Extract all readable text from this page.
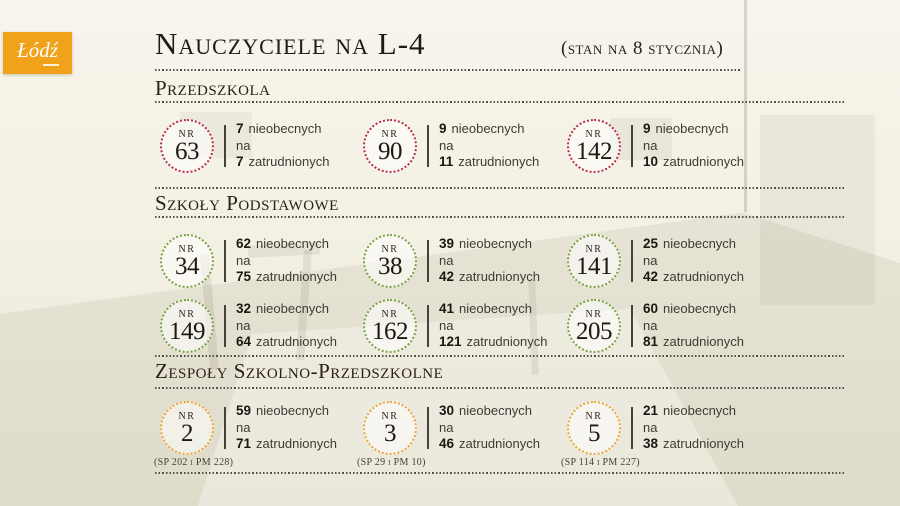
Łódź	Nauczyciele na L-4	(stan na 8 stycznia)
Przedszkola
Szkoły Podstawowe
Zespoły Szkolno-Przedszkolne
NR
63
7 nieobecnych
na
7 zatrudnionych
NR
90
9 nieobecnych
na
11 zatrudnionych
NR
142
9 nieobecnych
na
10 zatrudnionych
NR
34
62 nieobecnych
na
75 zatrudnionych
NR
38
39 nieobecnych
na
42 zatrudnionych
NR
141
25 nieobecnych
na
42 zatrudnionych
NR
149
32 nieobecnych
na
64 zatrudnionych
NR
162
41 nieobecnych
na
121 zatrudnionych
NR
205
60 nieobecnych
na
81 zatrudnionych
NR
2
59 nieobecnych
na
71 zatrudnionych
(SP 202 i PM 228)
NR
3
30 nieobecnych
na
46 zatrudnionych
(SP 29 i PM 10)
NR
5
21 nieobecnych
na
38 zatrudnionych
(SP 114 i PM 227)
